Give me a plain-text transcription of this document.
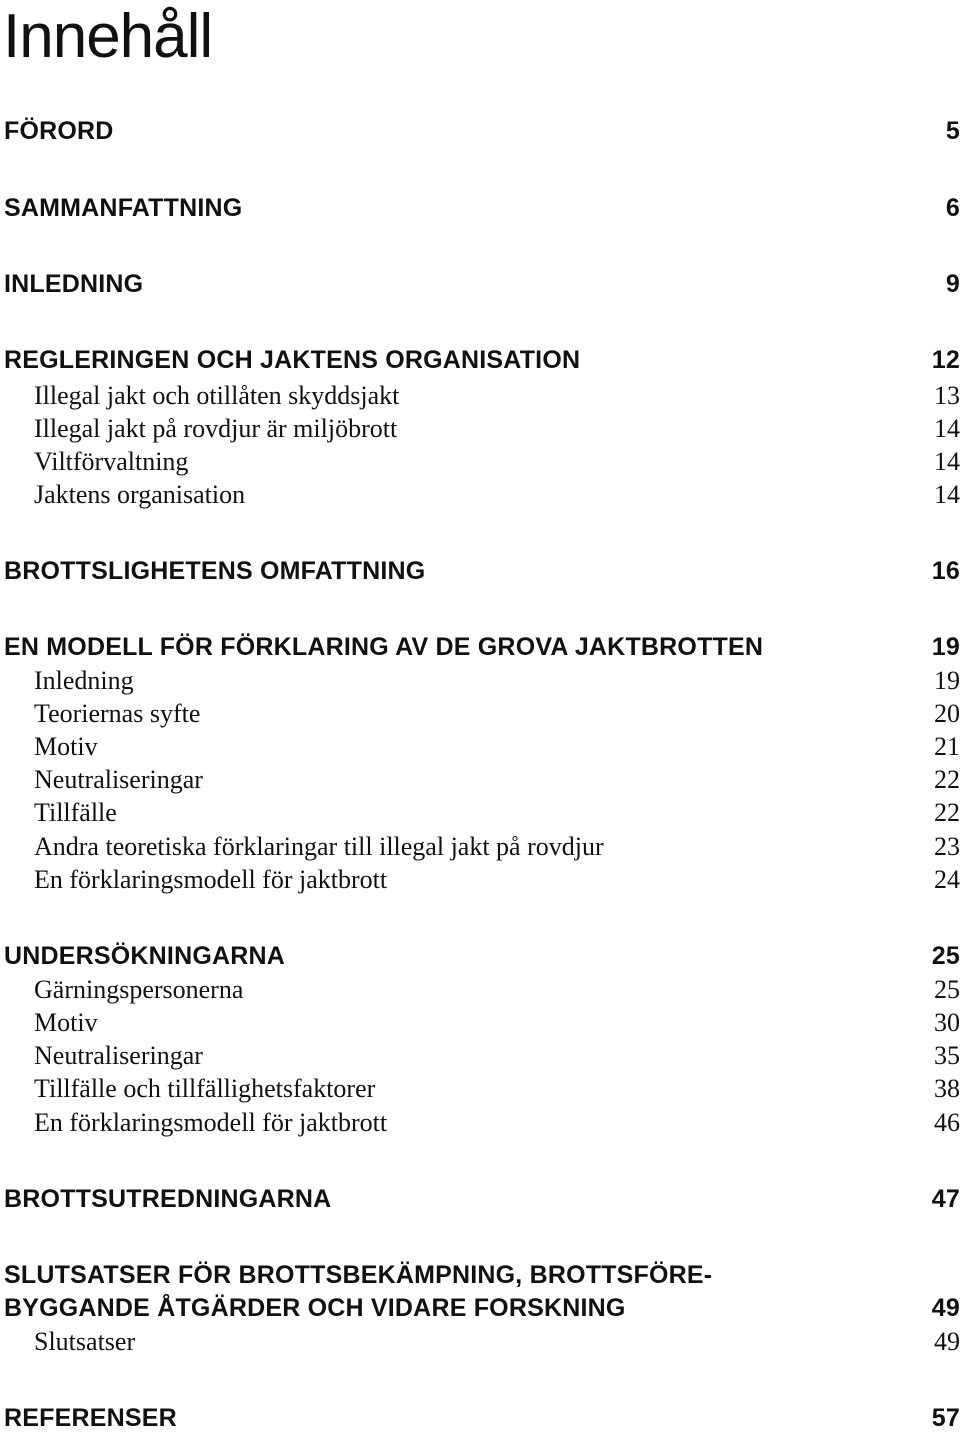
Innehåll
FÖRORD	5
SAMMANFATTNING	6
INLEDNING	9
REGLERINGEN OCH JAKTENS ORGANISATION	12
Illegal jakt och otillåten skyddsjakt	13
Illegal jakt på rovdjur är miljöbrott	14
Viltförvaltning	14
Jaktens organisation	14
BROTTSLIGHETENS OMFATTNING	16
EN MODELL FÖR FÖRKLARING AV DE GROVA JAKTBROTTEN	19
Inledning	19
Teoriernas syfte	20
Motiv	21
Neutraliseringar	22
Tillfälle	22
Andra teoretiska förklaringar till illegal jakt på rovdjur	23
En förklaringsmodell för jaktbrott	24
UNDERSÖKNINGARNA	25
Gärningspersonerna	25
Motiv	30
Neutraliseringar	35
Tillfälle och tillfällighetsfaktorer	38
En förklaringsmodell för jaktbrott	46
BROTTSUTREDNINGARNA	47
SLUTSATSER FÖR BROTTSBEKÄMPNING, BROTTSFÖRE-
BYGGANDE ÅTGÄRDER OCH VIDARE FORSKNING	49
Slutsatser	49
REFERENSER	57
